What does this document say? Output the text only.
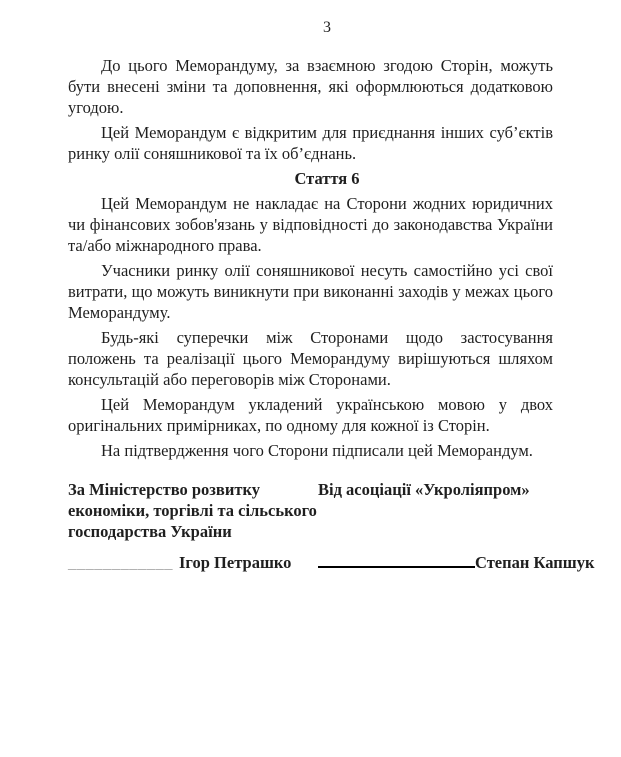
3

До цього Меморандуму, за взаємною згодою Сторін, можуть бути внесені зміни та доповнення, які оформлюються додатковою угодою.

Цей Меморандум є відкритим для приєднання інших суб’єктів ринку олії соняшникової та їх об’єднань.

Стаття 6

Цей Меморандум не накладає на Сторони жодних юридичних чи фінансових зобов'язань у відповідності до законодавства України та/або міжнародного права.

Учасники ринку олії соняшникової несуть самостійно усі свої витрати, що можуть виникнути при виконанні заходів у межах цього Меморандуму.

Будь-які суперечки між Сторонами щодо застосування положень та реалізації цього Меморандуму вирішуються шляхом консультацій або переговорів між Сторонами.

Цей Меморандум укладений українською мовою у двох оригінальних примірниках, по одному для кожної із Сторін.

На підтвердження чого Сторони підписали цей Меморандум.

За Міністерство розвитку економіки, торгівлі та сільського господарства України
Від асоціації «Укроліяпром»
____________ Ігор Петрашко	Степан Капшук
